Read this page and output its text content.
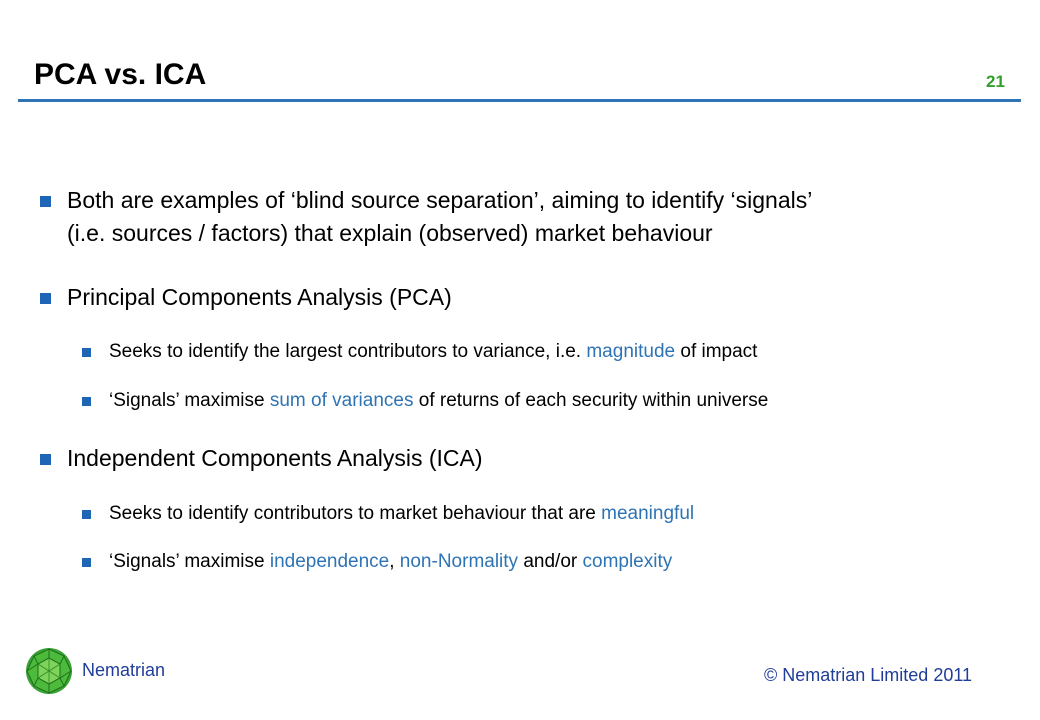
PCA vs. ICA	21
Both are examples of ‘blind source separation’, aiming to identify ‘signals’
(i.e. sources / factors) that explain (observed) market behaviour
Principal Components Analysis (PCA)
Seeks to identify the largest contributors to variance, i.e. magnitude of impact
‘Signals’ maximise sum of variances of returns of each security within universe
Independent Components Analysis (ICA)
Seeks to identify contributors to market behaviour that are meaningful
‘Signals’ maximise independence, non-Normality and/or complexity
Nematrian	© Nematrian Limited 2011
